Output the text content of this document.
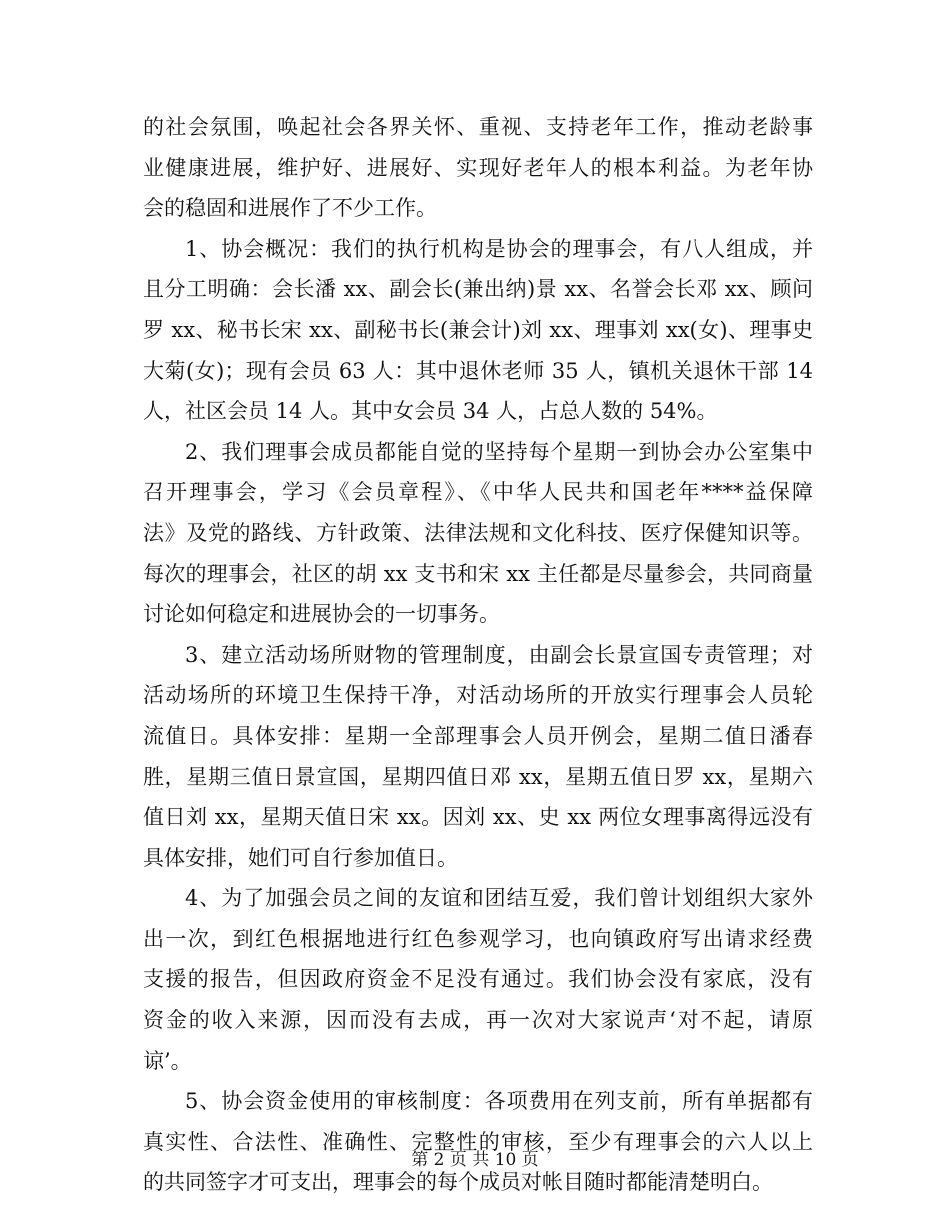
的社会氛围，唤起社会各界关怀、重视、支持老年工作，推动老龄事
业健康进展，维护好、进展好、实现好老年人的根本利益。为老年协
会的稳固和进展作了不少工作。
1、协会概况：我们的执行机构是协会的理事会，有八人组成，并
且分工明确：会长潘 xx、副会长(兼出纳)景 xx、名誉会长邓 xx、顾问
罗 xx、秘书长宋 xx、副秘书长(兼会计)刘 xx、理事刘 xx(女)、理事史
大菊(女)；现有会员 63 人：其中退休老师 35 人，镇机关退休干部 14
人，社区会员 14 人。其中女会员 34 人，占总人数的 54%。
2、我们理事会成员都能自觉的坚持每个星期一到协会办公室集中
召开理事会，学习《会员章程》、《中华人民共和国老年****益保障
法》及党的路线、方针政策、法律法规和文化科技、医疗保健知识等。
每次的理事会，社区的胡 xx 支书和宋 xx 主任都是尽量参会，共同商量
讨论如何稳定和进展协会的一切事务。
3、建立活动场所财物的管理制度，由副会长景宣国专责管理；对
活动场所的环境卫生保持干净，对活动场所的开放实行理事会人员轮
流值日。具体安排：星期一全部理事会人员开例会，星期二值日潘春
胜，星期三值日景宣国，星期四值日邓 xx，星期五值日罗 xx，星期六
值日刘 xx，星期天值日宋 xx。因刘 xx、史 xx 两位女理事离得远没有
具体安排，她们可自行参加值日。
4、为了加强会员之间的友谊和团结互爱，我们曾计划组织大家外
出一次，到红色根据地进行红色参观学习，也向镇政府写出请求经费
支援的报告，但因政府资金不足没有通过。我们协会没有家底，没有
资金的收入来源，因而没有去成，再一次对大家说声‘对不起，请原
谅’。
5、协会资金使用的审核制度：各项费用在列支前，所有单据都有
真实性、合法性、准确性、完整性的审核，至少有理事会的六人以上
的共同签字才可支出，理事会的每个成员对帐目随时都能清楚明白。
第 2 页 共 10 页
